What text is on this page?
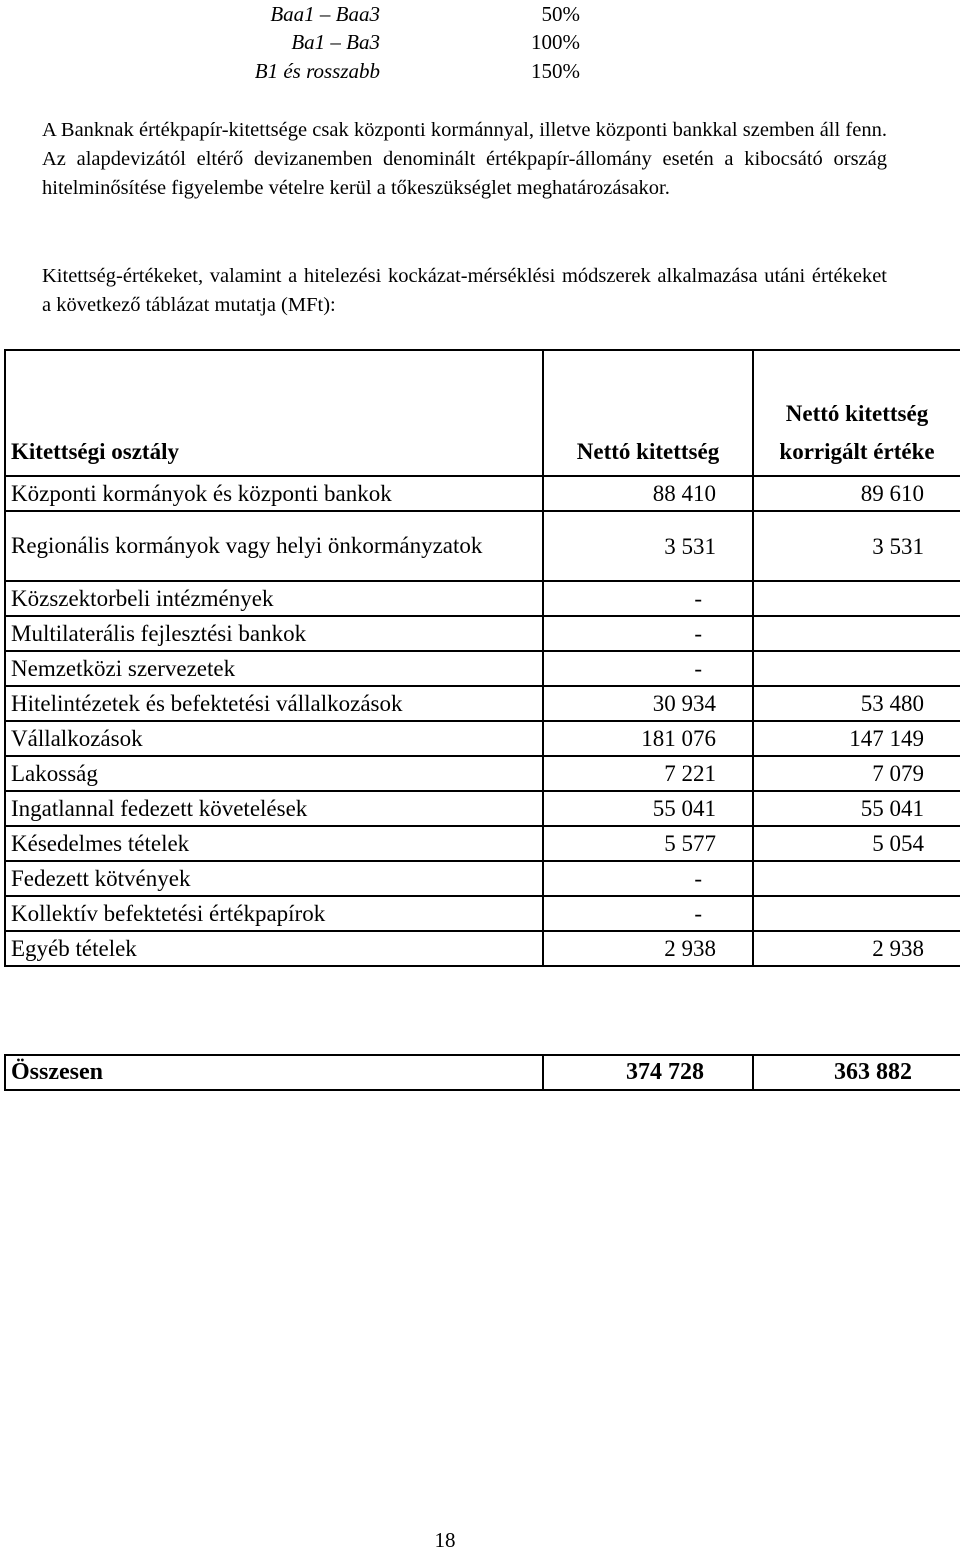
Baa1 – Baa3	50%
Ba1 – Ba3	100%
B1 és rosszabb	150%

A Banknak értékpapír-kitettsége csak központi kormánnyal, illetve központi bankkal szemben áll fenn. Az alapdevizától eltérő devizanemben denominált értékpapír-állomány esetén a kibocsátó ország hitelminősítése figyelembe vételre kerül a tőkeszükséglet meghatározásakor.

Kitettség-értékeket, valamint a hitelezési kockázat-mérséklési módszerek alkalmazása utáni értékeket a következő táblázat mutatja (MFt):

Kitettségi osztály	Nettó kitettség	Nettó kitettség korrigált értéke
Központi kormányok és központi bankok	88 410	89 610
Regionális kormányok vagy helyi önkormányzatok	3 531	3 531
Közszektorbeli intézmények	-	
Multilaterális fejlesztési bankok	-	
Nemzetközi szervezetek	-	
Hitelintézetek és befektetési vállalkozások	30 934	53 480
Vállalkozások	181 076	147 149
Lakosság	7 221	7 079
Ingatlannal fedezett követelések	55 041	55 041
Késedelmes tételek	5 577	5 054
Fedezett kötvények	-	
Kollektív befektetési értékpapírok	-	
Egyéb tételek	2 938	2 938
Összesen	374 728	363 882
18
